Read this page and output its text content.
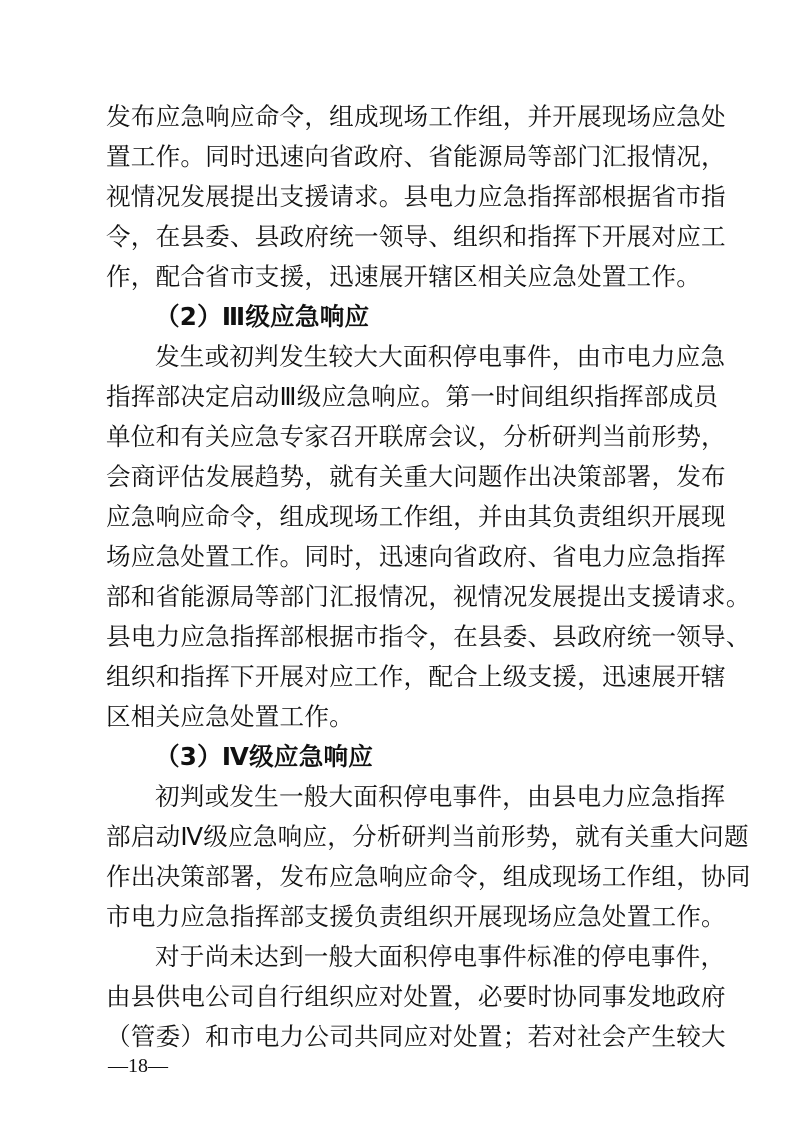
发布应急响应命令，组成现场工作组，并开展现场应急处
置工作。同时迅速向省政府、省能源局等部门汇报情况，
视情况发展提出支援请求。县电力应急指挥部根据省市指
令，在县委、县政府统一领导、组织和指挥下开展对应工
作，配合省市支援，迅速展开辖区相关应急处置工作。
（2）Ⅲ级应急响应
发生或初判发生较大大面积停电事件，由市电力应急
指挥部决定启动Ⅲ级应急响应。第一时间组织指挥部成员
单位和有关应急专家召开联席会议，分析研判当前形势，
会商评估发展趋势，就有关重大问题作出决策部署，发布
应急响应命令，组成现场工作组，并由其负责组织开展现
场应急处置工作。同时，迅速向省政府、省电力应急指挥
部和省能源局等部门汇报情况，视情况发展提出支援请求。
县电力应急指挥部根据市指令，在县委、县政府统一领导、
组织和指挥下开展对应工作，配合上级支援，迅速展开辖
区相关应急处置工作。
（3）Ⅳ级应急响应
初判或发生一般大面积停电事件，由县电力应急指挥
部启动Ⅳ级应急响应，分析研判当前形势，就有关重大问题
作出决策部署，发布应急响应命令，组成现场工作组，协同
市电力应急指挥部支援负责组织开展现场应急处置工作。
对于尚未达到一般大面积停电事件标准的停电事件，
由县供电公司自行组织应对处置，必要时协同事发地政府
（管委）和市电力公司共同应对处置；若对社会产生较大
—18—
